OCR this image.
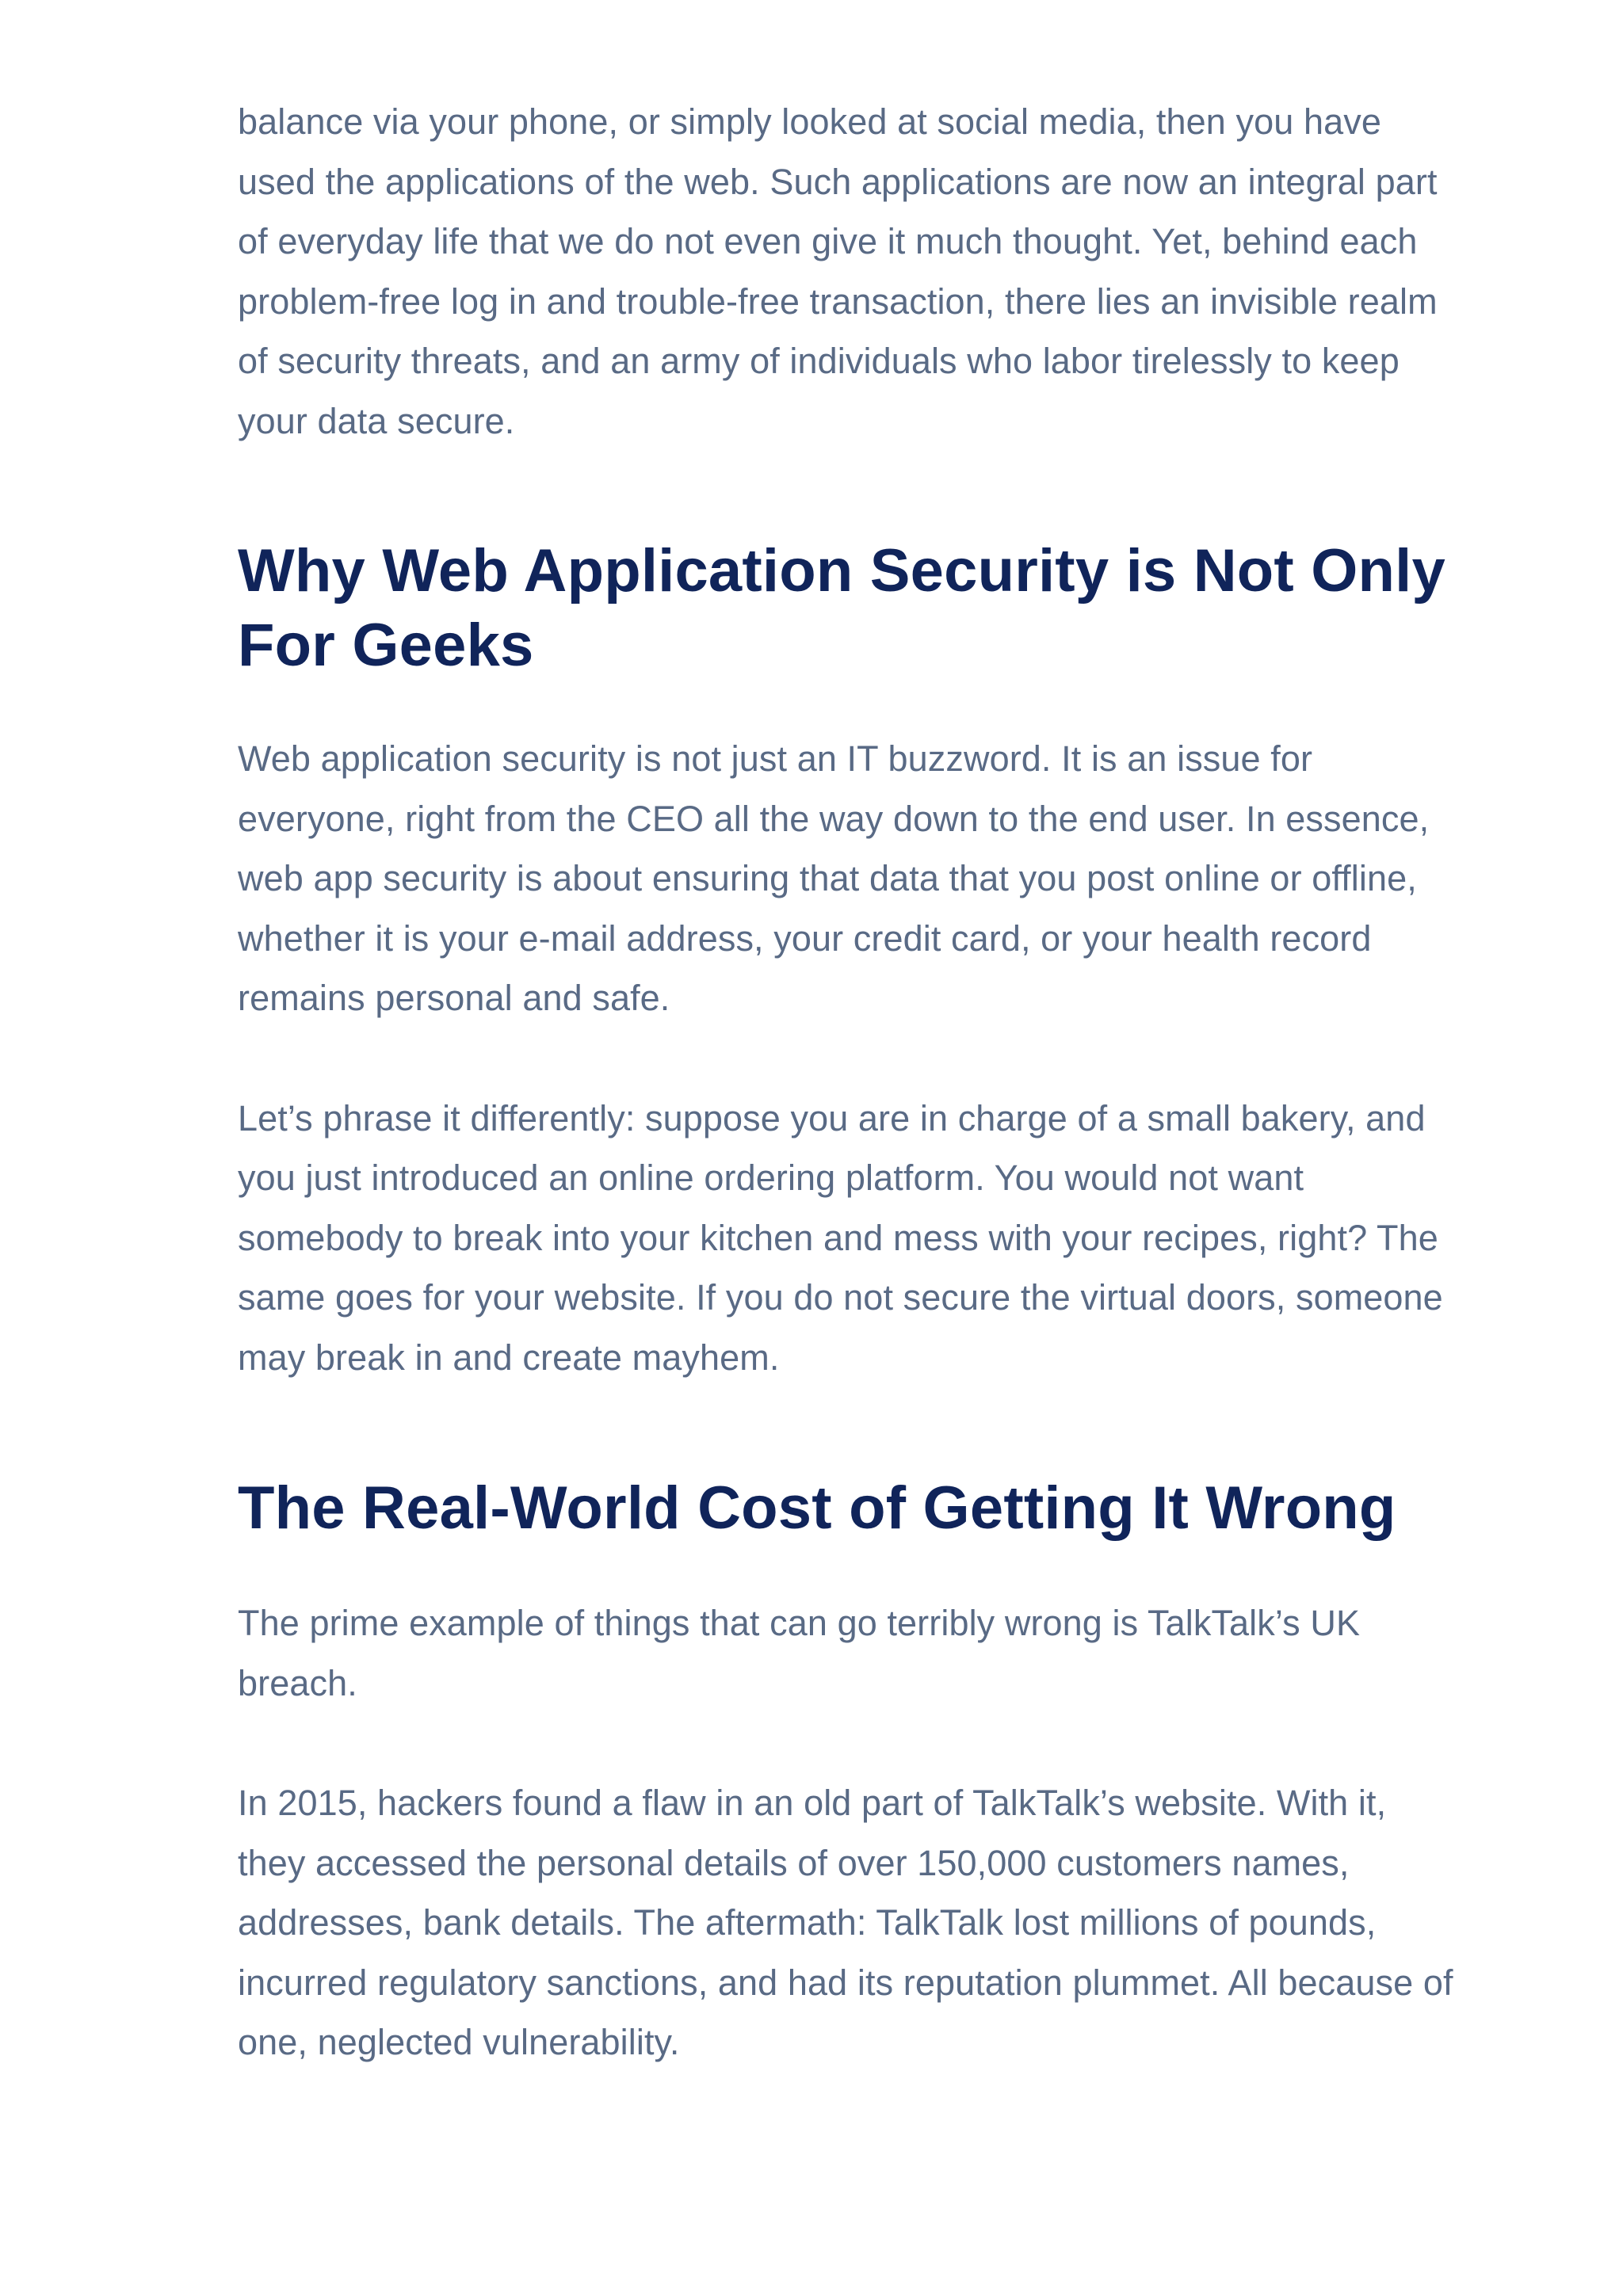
balance via your phone, or simply looked at social media, then you have used the applications of the web. Such applications are now an integral part of everyday life that we do not even give it much thought. Yet, behind each problem-free log in and trouble-free transaction, there lies an invisible realm of security threats, and an army of individuals who labor tirelessly to keep your data secure.

Why Web Application Security is Not Only For Geeks

Web application security is not just an IT buzzword. It is an issue for everyone, right from the CEO all the way down to the end user. In essence, web app security is about ensuring that data that you post online or offline, whether it is your e-mail address, your credit card, or your health record remains personal and safe.

Let’s phrase it differently: suppose you are in charge of a small bakery, and you just introduced an online ordering platform. You would not want somebody to break into your kitchen and mess with your recipes, right? The same goes for your website. If you do not secure the virtual doors, someone may break in and create mayhem.

The Real-World Cost of Getting It Wrong

The prime example of things that can go terribly wrong is TalkTalk’s UK breach.

In 2015, hackers found a flaw in an old part of TalkTalk’s website. With it, they accessed the personal details of over 150,000 customers names, addresses, bank details. The aftermath: TalkTalk lost millions of pounds, incurred regulatory sanctions, and had its reputation plummet. All because of one, neglected vulnerability.
